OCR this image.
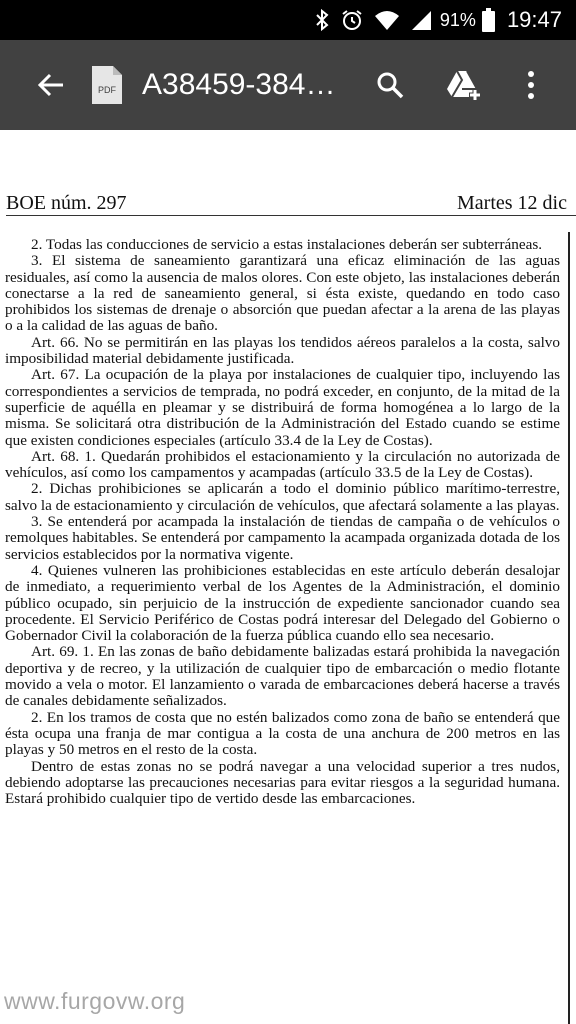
91% 19:47
PDF A38459-384…
BOE núm. 297	Martes 12 dic

2. Todas las conducciones de servicio a estas instalaciones deberán ser subterráneas.

3. El sistema de saneamiento garantizará una eficaz eliminación de las aguas residuales, así como la ausencia de malos olores. Con este objeto, las instalaciones deberán conectarse a la red de saneamiento general, si ésta existe, quedando en todo caso prohibidos los sistemas de drenaje o absorción que puedan afectar a la arena de las playas o a la calidad de las aguas de baño.

Art. 66. No se permitirán en las playas los tendidos aéreos paralelos a la costa, salvo imposibilidad material debidamente justificada.

Art. 67. La ocupación de la playa por instalaciones de cualquier tipo, incluyendo las correspondientes a servicios de temprada, no podrá exceder, en conjunto, de la mitad de la superficie de aquélla en pleamar y se distribuirá de forma homogénea a lo largo de la misma. Se solicitará otra distribución de la Administración del Estado cuando se estime que existen condiciones especiales (artículo 33.4 de la Ley de Costas).

Art. 68. 1. Quedarán prohibidos el estacionamiento y la circulación no autorizada de vehículos, así como los campamentos y acampadas (artículo 33.5 de la Ley de Costas).

2. Dichas prohibiciones se aplicarán a todo el dominio público marítimo-terrestre, salvo la de estacionamiento y circulación de vehículos, que afectará solamente a las playas.

3. Se entenderá por acampada la instalación de tiendas de campaña o de vehículos o remolques habitables. Se entenderá por campamento la acampada organizada dotada de los servicios establecidos por la normativa vigente.

4. Quienes vulneren las prohibiciones establecidas en este artículo deberán desalojar de inmediato, a requerimiento verbal de los Agentes de la Administración, el dominio público ocupado, sin perjuicio de la instrucción de expediente sancionador cuando sea procedente. El Servicio Periférico de Costas podrá interesar del Delegado del Gobierno o Gobernador Civil la colaboración de la fuerza pública cuando ello sea necesario.

Art. 69. 1. En las zonas de baño debidamente balizadas estará prohibida la navegación deportiva y de recreo, y la utilización de cualquier tipo de embarcación o medio flotante movido a vela o motor. El lanzamiento o varada de embarcaciones deberá hacerse a través de canales debidamente señalizados.

2. En los tramos de costa que no estén balizados como zona de baño se entenderá que ésta ocupa una franja de mar contigua a la costa de una anchura de 200 metros en las playas y 50 metros en el resto de la costa.

Dentro de estas zonas no se podrá navegar a una velocidad superior a tres nudos, debiendo adoptarse las precauciones necesarias para evitar riesgos a la seguridad humana. Estará prohibido cualquier tipo de vertido desde las embarcaciones.

www.furgovw.org
